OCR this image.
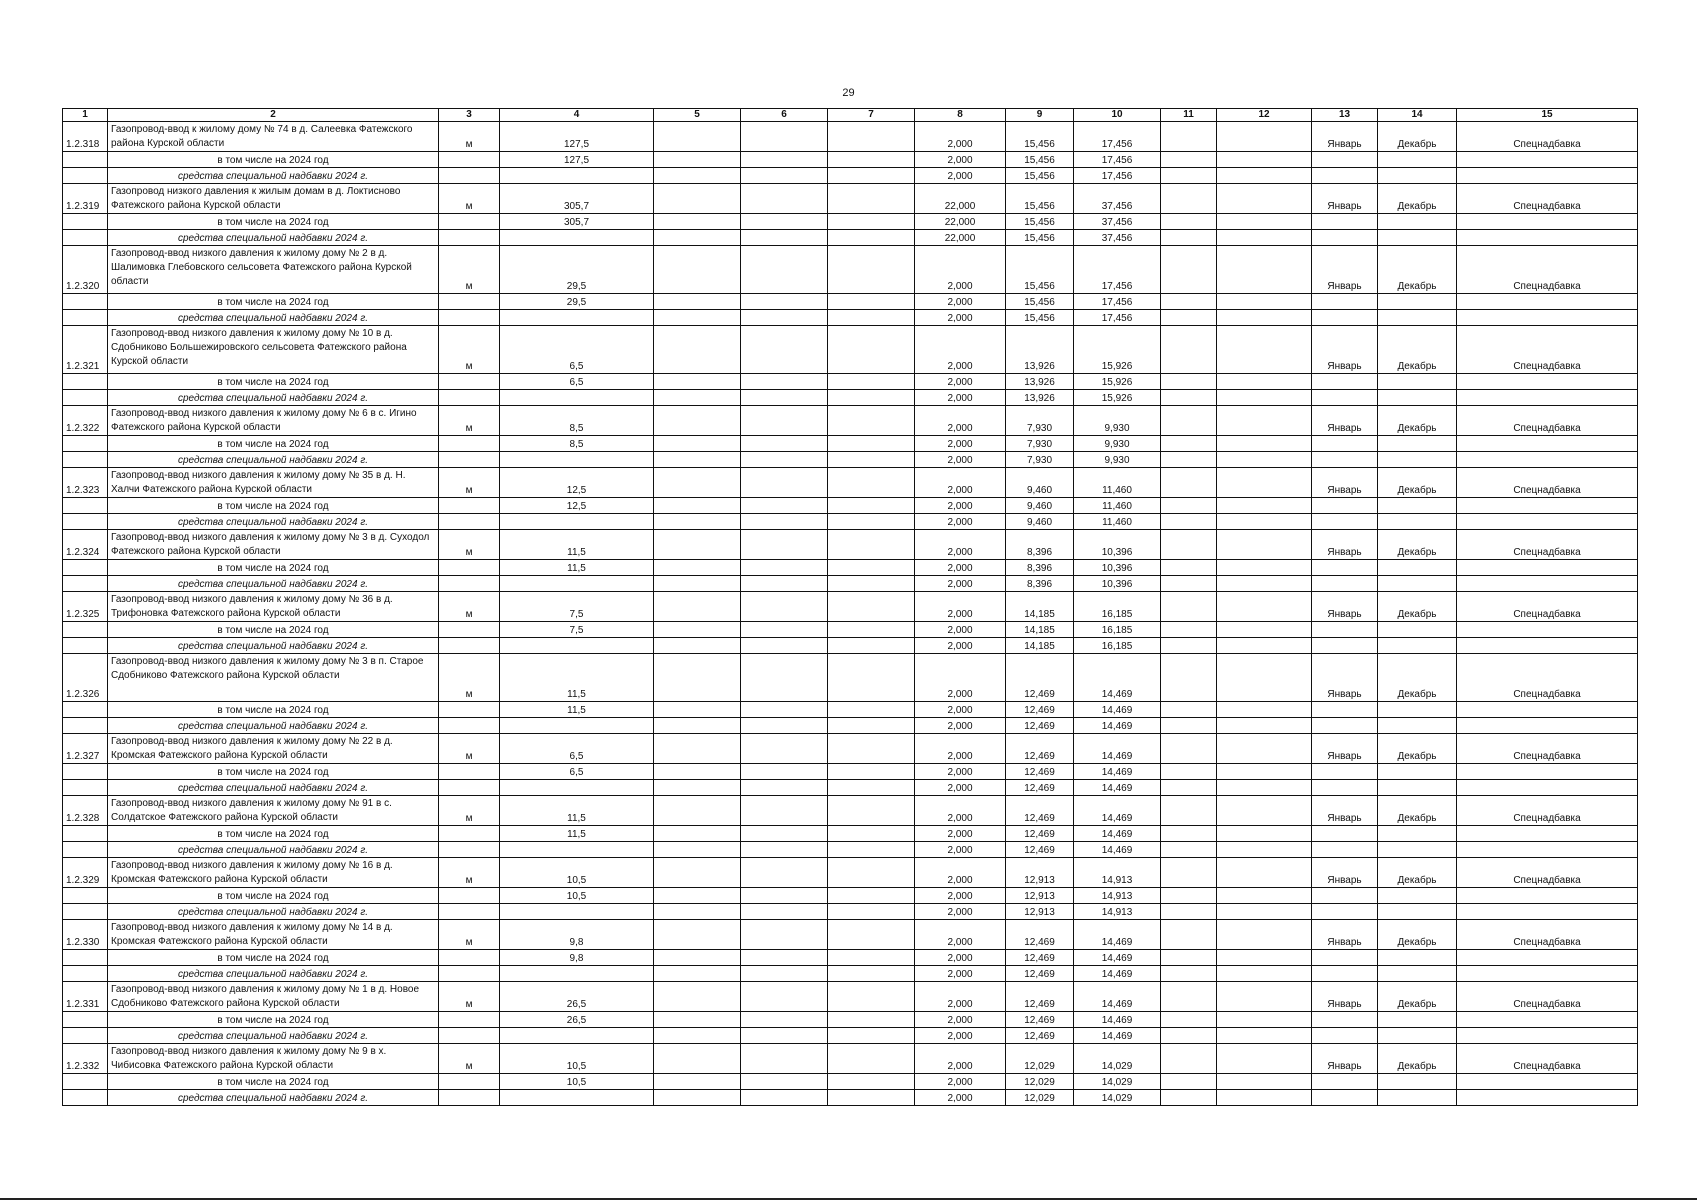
29
1	2	3	4	5	6	7	8	9	10	11	12	13	14	15
1.2.318	Газопровод-ввод к жилому дому № 74 в д. Салеевка Фатежского района Курской области	м	127,5				2,000	15,456	17,456			Январь	Декабрь	Спецнадбавка
	в том числе на 2024 год		127,5				2,000	15,456	17,456					
	средства специальной надбавки 2024 г.						2,000	15,456	17,456					
1.2.319	Газопровод низкого давления к жилым домам в д. Локтисново Фатежского района Курской области	м	305,7				22,000	15,456	37,456			Январь	Декабрь	Спецнадбавка
	в том числе на 2024 год		305,7				22,000	15,456	37,456					
	средства специальной надбавки 2024 г.						22,000	15,456	37,456					
1.2.320	Газопровод-ввод низкого давления к жилому дому № 2 в д. Шалимовка Глебовского сельсовета Фатежского района Курской области	м	29,5				2,000	15,456	17,456			Январь	Декабрь	Спецнадбавка
	в том числе на 2024 год		29,5				2,000	15,456	17,456					
	средства специальной надбавки 2024 г.						2,000	15,456	17,456					
1.2.321	Газопровод-ввод низкого давления к жилому дому № 10 в д. Сдобниково Большежировского сельсовета Фатежского района Курской области	м	6,5				2,000	13,926	15,926			Январь	Декабрь	Спецнадбавка
	в том числе на 2024 год		6,5				2,000	13,926	15,926					
	средства специальной надбавки 2024 г.						2,000	13,926	15,926					
1.2.322	Газопровод-ввод низкого давления к жилому дому № 6 в с. Игино Фатежского района Курской области	м	8,5				2,000	7,930	9,930			Январь	Декабрь	Спецнадбавка
	в том числе на 2024 год		8,5				2,000	7,930	9,930					
	средства специальной надбавки 2024 г.						2,000	7,930	9,930					
1.2.323	Газопровод-ввод низкого давления к жилому дому № 35 в д. Н. Халчи Фатежского района Курской области	м	12,5				2,000	9,460	11,460			Январь	Декабрь	Спецнадбавка
	в том числе на 2024 год		12,5				2,000	9,460	11,460					
	средства специальной надбавки 2024 г.						2,000	9,460	11,460					
1.2.324	Газопровод-ввод низкого давления к жилому дому № 3 в д. Суходол Фатежского района Курской области	м	11,5				2,000	8,396	10,396			Январь	Декабрь	Спецнадбавка
	в том числе на 2024 год		11,5				2,000	8,396	10,396					
	средства специальной надбавки 2024 г.						2,000	8,396	10,396					
1.2.325	Газопровод-ввод низкого давления к жилому дому № 36 в д. Трифоновка Фатежского района Курской области	м	7,5				2,000	14,185	16,185			Январь	Декабрь	Спецнадбавка
	в том числе на 2024 год		7,5				2,000	14,185	16,185					
	средства специальной надбавки 2024 г.						2,000	14,185	16,185					
1.2.326	Газопровод-ввод низкого давления к жилому дому № 3 в п. Старое Сдобниково Фатежского района Курской области	м	11,5				2,000	12,469	14,469			Январь	Декабрь	Спецнадбавка
	в том числе на 2024 год		11,5				2,000	12,469	14,469					
	средства специальной надбавки 2024 г.						2,000	12,469	14,469					
1.2.327	Газопровод-ввод низкого давления к жилому дому № 22 в д. Кромская Фатежского района Курской области	м	6,5				2,000	12,469	14,469			Январь	Декабрь	Спецнадбавка
	в том числе на 2024 год		6,5				2,000	12,469	14,469					
	средства специальной надбавки 2024 г.						2,000	12,469	14,469					
1.2.328	Газопровод-ввод низкого давления к жилому дому № 91 в с. Солдатское Фатежского района Курской области	м	11,5				2,000	12,469	14,469			Январь	Декабрь	Спецнадбавка
	в том числе на 2024 год		11,5				2,000	12,469	14,469					
	средства специальной надбавки 2024 г.						2,000	12,469	14,469					
1.2.329	Газопровод-ввод низкого давления к жилому дому № 16 в д. Кромская Фатежского района Курской области	м	10,5				2,000	12,913	14,913			Январь	Декабрь	Спецнадбавка
	в том числе на 2024 год		10,5				2,000	12,913	14,913					
	средства специальной надбавки 2024 г.						2,000	12,913	14,913					
1.2.330	Газопровод-ввод низкого давления к жилому дому № 14 в д. Кромская Фатежского района Курской области	м	9,8				2,000	12,469	14,469			Январь	Декабрь	Спецнадбавка
	в том числе на 2024 год		9,8				2,000	12,469	14,469					
	средства специальной надбавки 2024 г.						2,000	12,469	14,469					
1.2.331	Газопровод-ввод низкого давления к жилому дому № 1 в д. Новое Сдобниково Фатежского района Курской области	м	26,5				2,000	12,469	14,469			Январь	Декабрь	Спецнадбавка
	в том числе на 2024 год		26,5				2,000	12,469	14,469					
	средства специальной надбавки 2024 г.						2,000	12,469	14,469					
1.2.332	Газопровод-ввод низкого давления к жилому дому № 9 в х. Чибисовка Фатежского района Курской области	м	10,5				2,000	12,029	14,029			Январь	Декабрь	Спецнадбавка
	в том числе на 2024 год		10,5				2,000	12,029	14,029					
	средства специальной надбавки 2024 г.						2,000	12,029	14,029					
